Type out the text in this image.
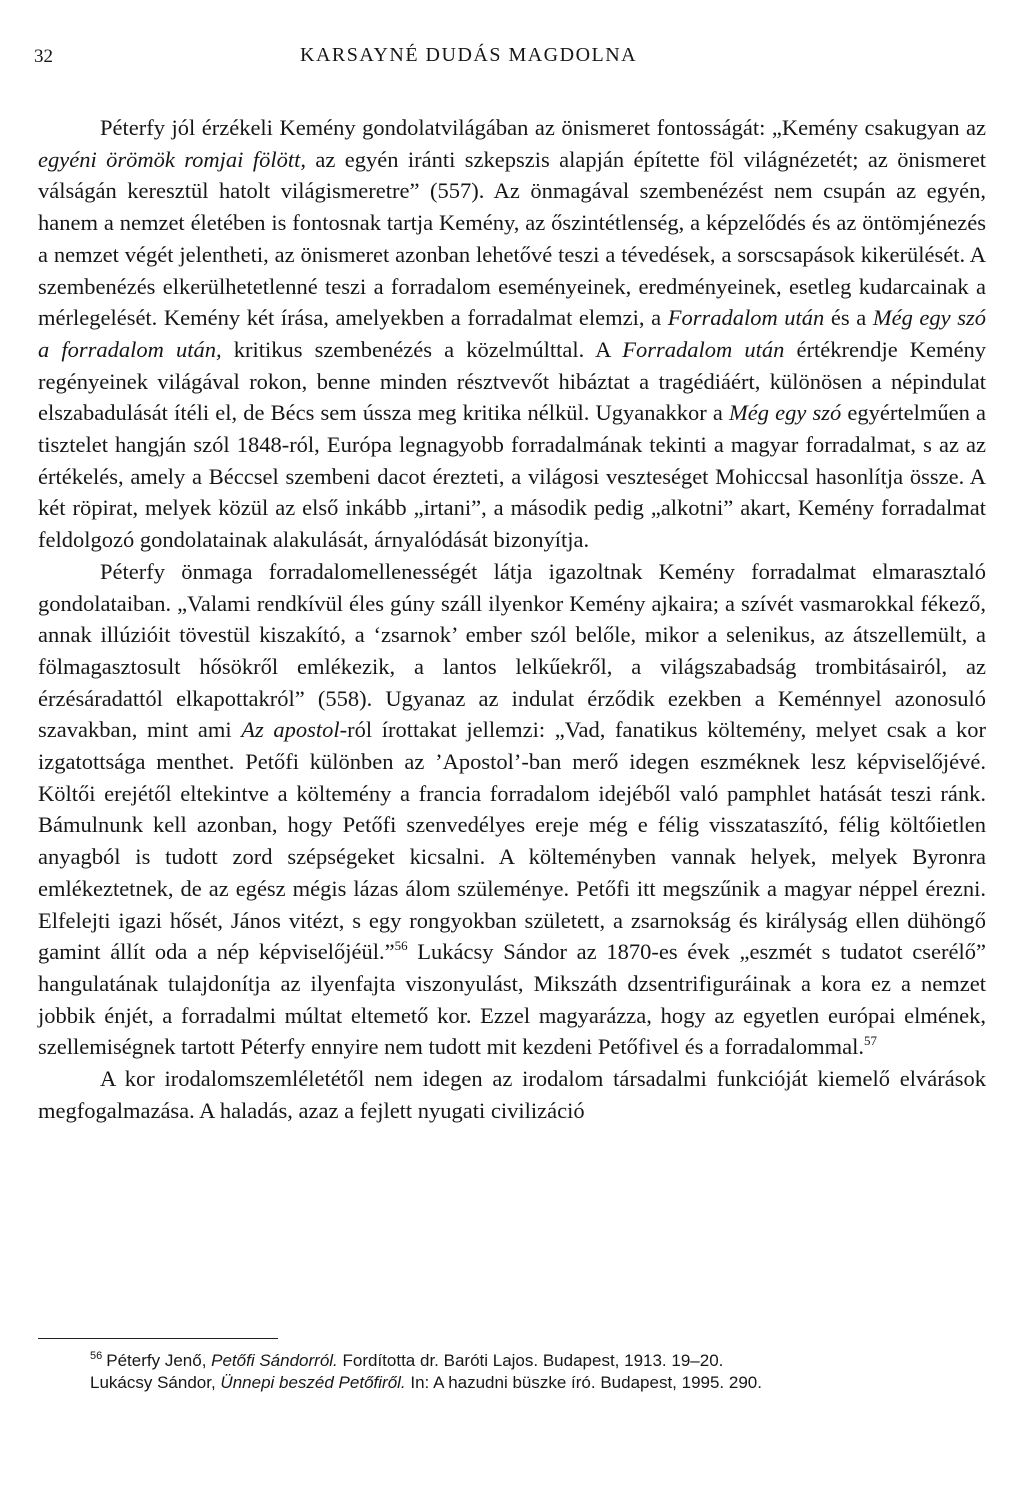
32	KARSAYNÉ DUDÁS MAGDOLNA

Péterfy jól érzékeli Kemény gondolatvilágában az önismeret fontosságát: „Kemény csakugyan az egyéni örömök romjai fölött, az egyén iránti szkepszis alapján építette föl világnézetét; az önismeret válságán keresztül hatolt világismeretre” (557). Az önmagával szembenézést nem csupán az egyén, hanem a nemzet életében is fontosnak tartja Kemény, az őszintétlenség, a képzelődés és az öntömjénezés a nemzet végét jelentheti, az önismeret azonban lehetővé teszi a tévedések, a sorscsapások kikerülését. A szembenézés elkerülhetetlenné teszi a forradalom eseményeinek, eredményeinek, esetleg kudarcainak a mérlegelését. Kemény két írása, amelyekben a forradalmat elemzi, a Forradalom után és a Még egy szó a forradalom után, kritikus szembenézés a közelmúlttal. A Forradalom után értékrendje Kemény regényeinek világával rokon, benne minden résztvevőt hibáztat a tragédiáért, különösen a népindulat elszabadulását ítéli el, de Bécs sem ússza meg kritika nélkül. Ugyanakkor a Még egy szó egyértelműen a tisztelet hangján szól 1848-ról, Európa legnagyobb forradalmának tekinti a magyar forradalmat, s az az értékelés, amely a Béccsel szembeni dacot érezteti, a világosi veszteséget Mohiccsal hasonlítja össze. A két röpirat, melyek közül az első inkább „irtani”, a második pedig „alkotni” akart, Kemény forradalmat feldolgozó gondolatainak alakulását, árnyalódását bizonyítja.

Péterfy önmaga forradalomellenességét látja igazoltnak Kemény forradalmat elmarasztaló gondolataiban. „Valami rendkívül éles gúny száll ilyenkor Kemény ajkaira; a szívét vasmarokkal fékező, annak illúzióit tövestül kiszakító, a ‘zsarnok’ ember szól belőle, mikor a selenikus, az átszellemült, a fölmagasztosult hősökről emlékezik, a lantos lelkűekről, a világszabadság trombitásairól, az érzésáradattól elkapottakról” (558). Ugyanaz az indulat érződik ezekben a Keménnyel azonosuló szavakban, mint ami Az apostol-ról írottakat jellemzi: „Vad, fanatikus költemény, melyet csak a kor izgatottsága menthet. Petőfi különben az ’Apostol’-ban merő idegen eszméknek lesz képviselőjévé. Költői erejétől eltekintve a költemény a francia forradalom idejéből való pamphlet hatását teszi ránk. Bámulnunk kell azonban, hogy Petőfi szenvedélyes ereje még e félig visszataszító, félig költőietlen anyagból is tudott zord szépségeket kicsalni. A költeményben vannak helyek, melyek Byronra emlékeztetnek, de az egész mégis lázas álom szüleménye. Petőfi itt megszűnik a magyar néppel érezni. Elfelejti igazi hősét, János vitézt, s egy rongyokban született, a zsarnokság és királyság ellen dühöngő gamint állít oda a nép képviselőjéül.”$^{56}$ Lukácsy Sándor az 1870-es évek „eszmét s tudatot cserélő” hangulatának tulajdonítja az ilyenfajta viszonyulást, Mikszáth dzsentrifiguráinak a kora ez a nemzet jobbik énjét, a forradalmi múltat eltemető kor. Ezzel magyarázza, hogy az egyetlen európai elmének, szellemiségnek tartott Péterfy ennyire nem tudott mit kezdeni Petőfivel és a forradalommal.$^{57}$

A kor irodalomszemléletétől nem idegen az irodalom társadalmi funkcióját kiemelő elvárások megfogalmazása. A haladás, azaz a fejlett nyugati civilizáció

$^{56}$ Péterfy Jenő, Petőfi Sándorról. Fordította dr. Baróti Lajos. Budapest, 1913. 19–20.

Lukácsy Sándor, Ünnepi beszéd Petőfiről. In: A hazudni büszke író. Budapest, 1995. 290.
